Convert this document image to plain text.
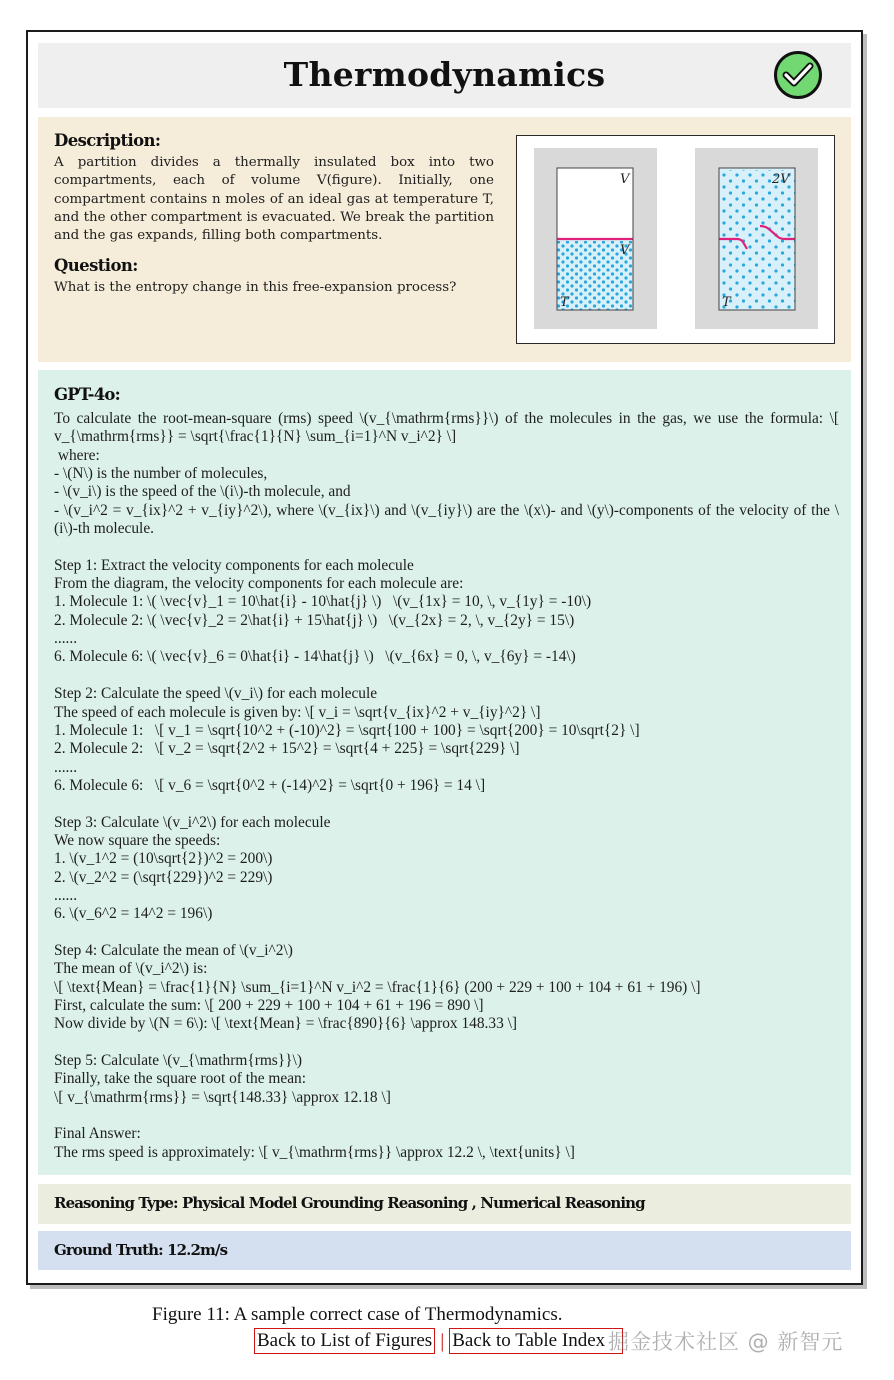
Thermodynamics
Description:

A partition divides a thermally insulated box into two compartments, each of volume V(figure). Initially, one compartment contains n moles of an ideal gas at temperature T, and the other compartment is evacuated. We break the partition and the gas expands, filling both compartments.

Question:

What is the entropy change in this free-expansion process?

V
V
T
2V
T
GPT-4o:
To calculate the root-mean-square (rms) speed \(v_{\mathrm{rms}}\) of the molecules in the gas, we use the formula: \[ v_{\mathrm{rms}} = \sqrt{\frac{1}{N} \sum_{i=1}^N v_i^2} \]
where:
- \(N\) is the number of molecules,
- \(v_i\) is the speed of the \(i\)-th molecule, and
- \(v_i^2 = v_{ix}^2 + v_{iy}^2\), where \(v_{ix}\) and \(v_{iy}\) are the \(x\)- and \(y\)-components of the velocity of the \(i\)-th molecule.
Step 1: Extract the velocity components for each molecule
From the diagram, the velocity components for each molecule are:
1. Molecule 1: \( \vec{v}_1 = 10\hat{i} - 10\hat{j} \)   \(v_{1x} = 10, \, v_{1y} = -10\)
2. Molecule 2: \( \vec{v}_2 = 2\hat{i} + 15\hat{j} \)   \(v_{2x} = 2, \, v_{2y} = 15\)
......
6. Molecule 6: \( \vec{v}_6 = 0\hat{i} - 14\hat{j} \)   \(v_{6x} = 0, \, v_{6y} = -14\)
Step 2: Calculate the speed \(v_i\) for each molecule
The speed of each molecule is given by: \[ v_i = \sqrt{v_{ix}^2 + v_{iy}^2} \]
1. Molecule 1:   \[ v_1 = \sqrt{10^2 + (-10)^2} = \sqrt{100 + 100} = \sqrt{200} = 10\sqrt{2} \]
2. Molecule 2:   \[ v_2 = \sqrt{2^2 + 15^2} = \sqrt{4 + 225} = \sqrt{229} \]
......
6. Molecule 6:   \[ v_6 = \sqrt{0^2 + (-14)^2} = \sqrt{0 + 196} = 14 \]
Step 3: Calculate \(v_i^2\) for each molecule
We now square the speeds:
1. \(v_1^2 = (10\sqrt{2})^2 = 200\)
2. \(v_2^2 = (\sqrt{229})^2 = 229\)
......
6. \(v_6^2 = 14^2 = 196\)
Step 4: Calculate the mean of \(v_i^2\)
The mean of \(v_i^2\) is:
\[ \text{Mean} = \frac{1}{N} \sum_{i=1}^N v_i^2 = \frac{1}{6} (200 + 229 + 100 + 104 + 61 + 196) \]
First, calculate the sum: \[ 200 + 229 + 100 + 104 + 61 + 196 = 890 \]
Now divide by \(N = 6\): \[ \text{Mean} = \frac{890}{6} \approx 148.33 \]
Step 5: Calculate \(v_{\mathrm{rms}}\)
Finally, take the square root of the mean:
\[ v_{\mathrm{rms}} = \sqrt{148.33} \approx 12.18 \]
Final Answer:
The rms speed is approximately: \[ v_{\mathrm{rms}} \approx 12.2 \, \text{units} \]
Reasoning Type: Physical Model Grounding Reasoning , Numerical Reasoning
Ground Truth: 12.2m/s
Figure 11: A sample correct case of Thermodynamics.
Back to List of Figures | Back to Table Index 掘金技术社区 @ 新智元
